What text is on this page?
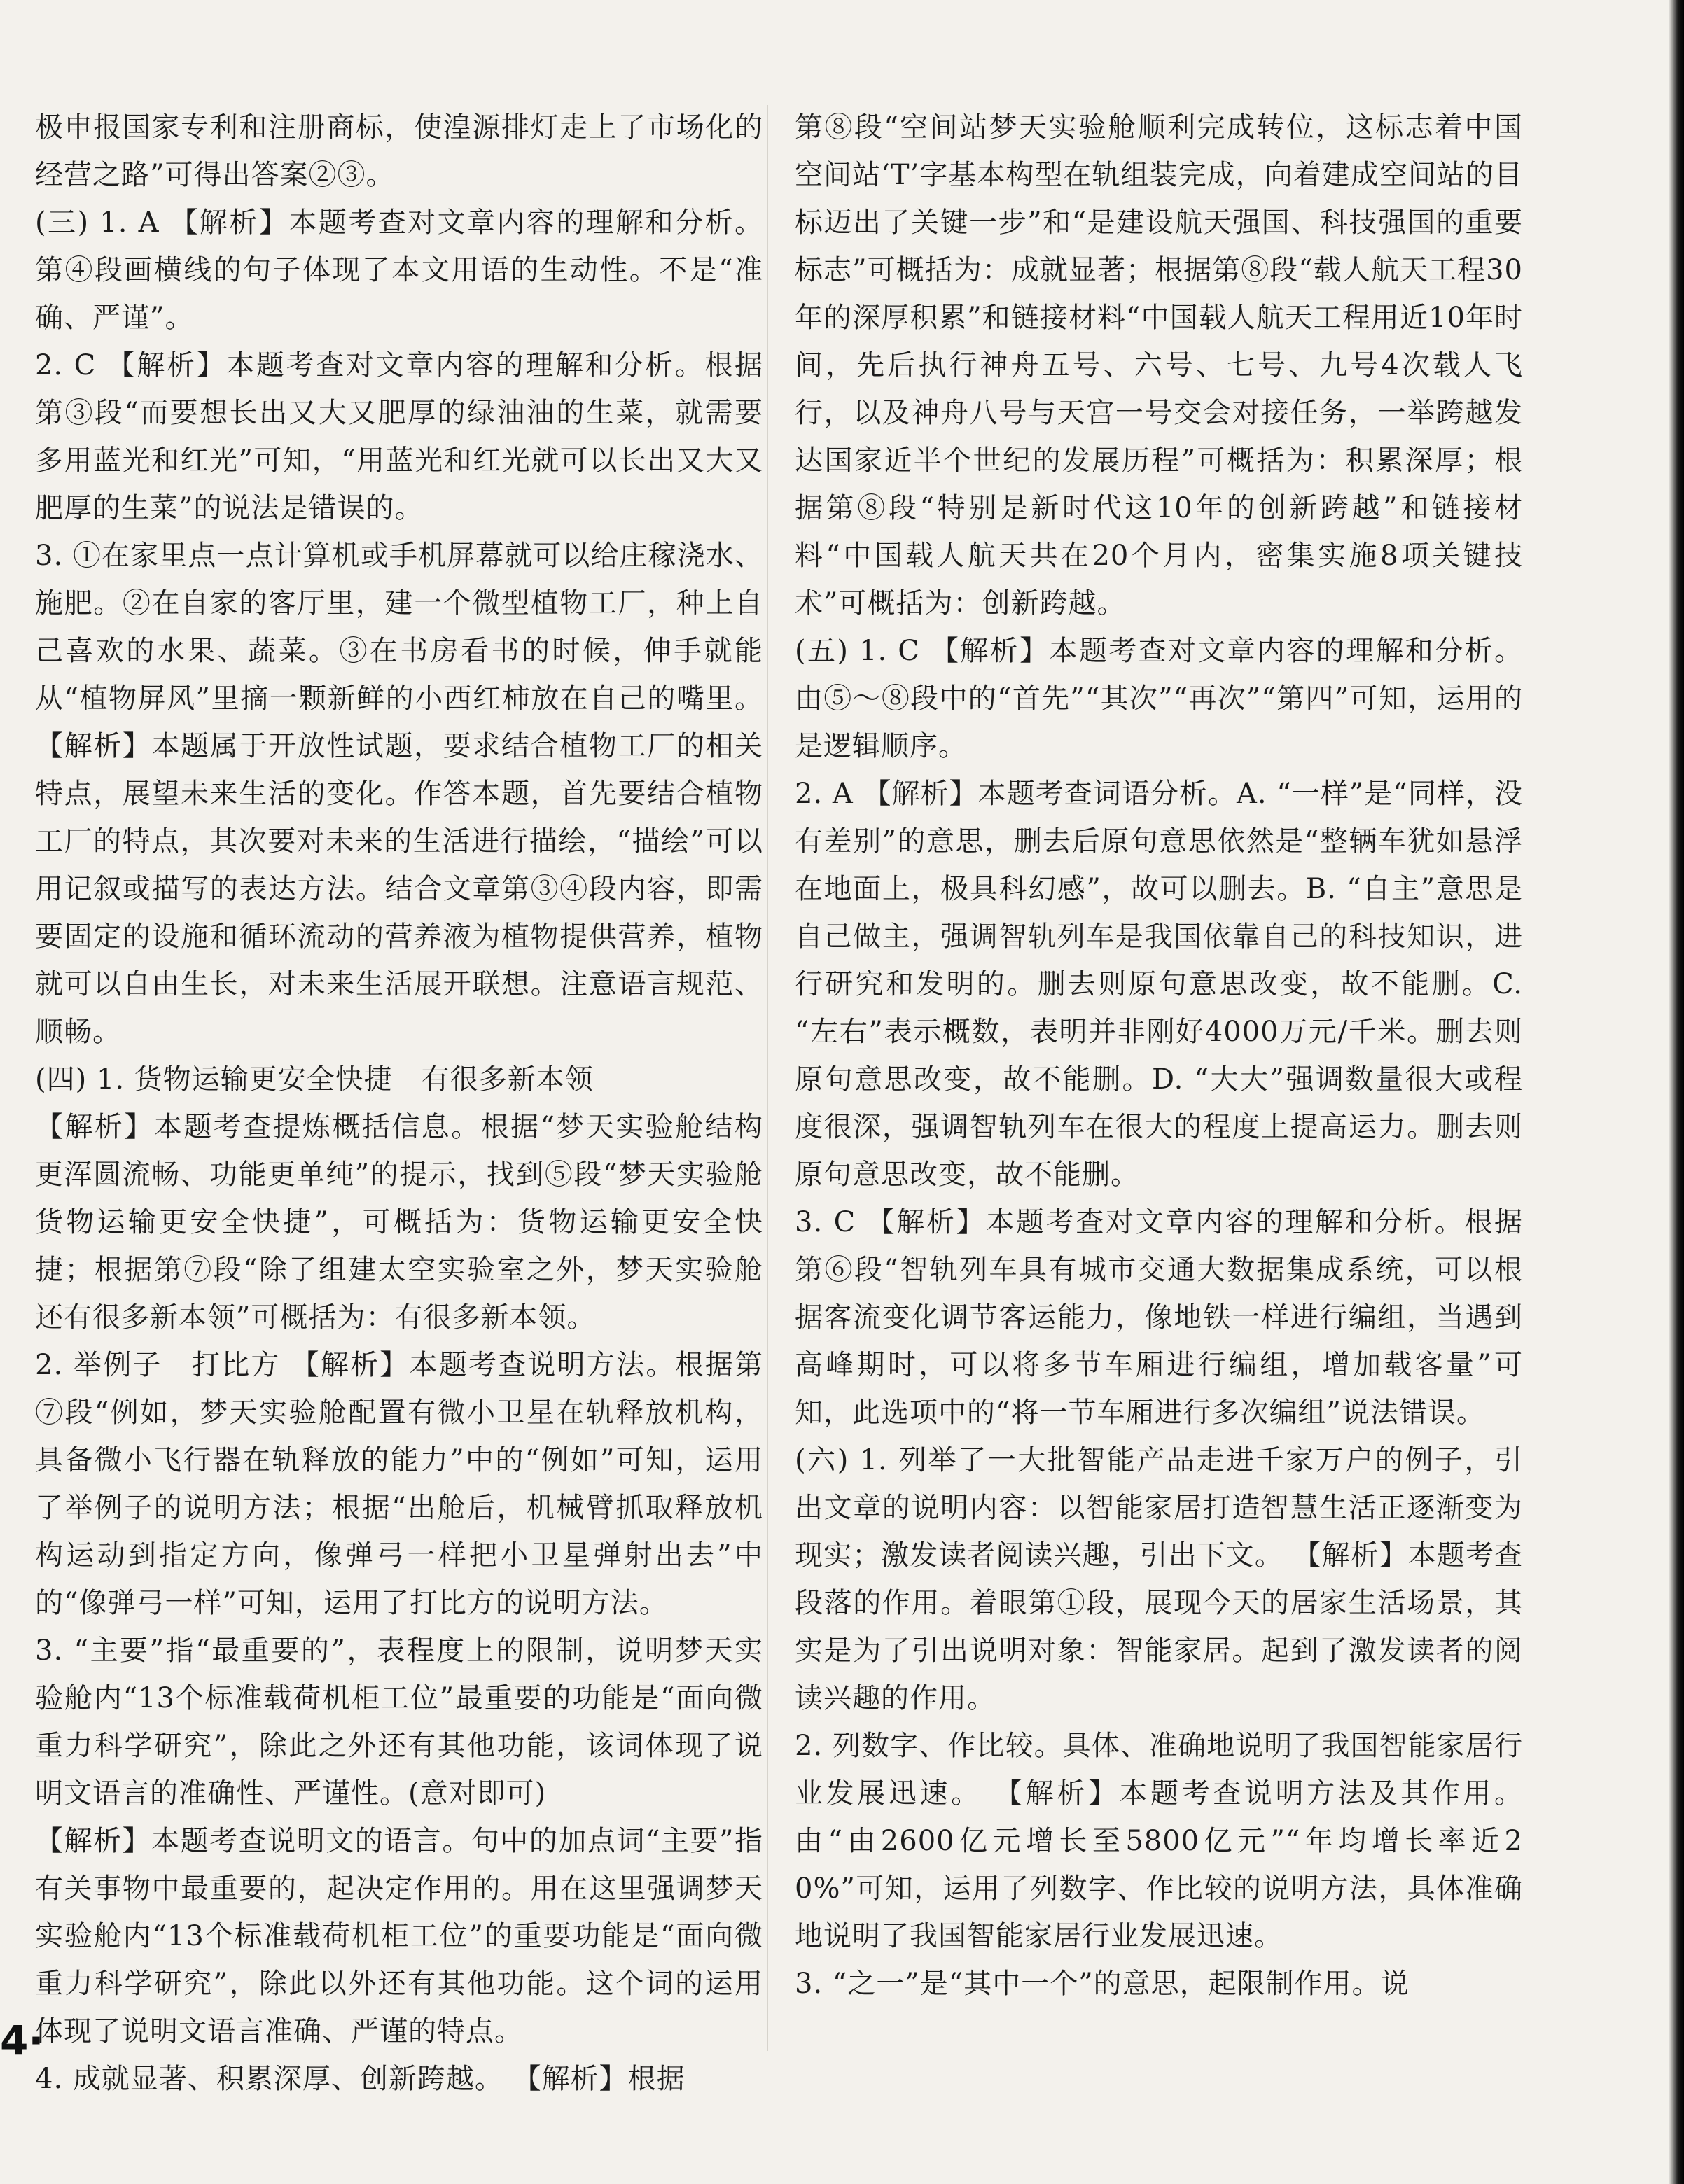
极申报国家专利和注册商标，使湟源排灯走上了市场化的经营之路”可得出答案②③。

(三) 1. A 【解析】本题考查对文章内容的理解和分析。第④段画横线的句子体现了本文用语的生动性。不是“准确、严谨”。

2. C 【解析】本题考查对文章内容的理解和分析。根据第③段“而要想长出又大又肥厚的绿油油的生菜，就需要多用蓝光和红光”可知，“用蓝光和红光就可以长出又大又肥厚的生菜”的说法是错误的。

3. ①在家里点一点计算机或手机屏幕就可以给庄稼浇水、施肥。②在自家的客厅里，建一个微型植物工厂，种上自己喜欢的水果、蔬菜。③在书房看书的时候，伸手就能从“植物屏风”里摘一颗新鲜的小西红柿放在自己的嘴里。 【解析】本题属于开放性试题，要求结合植物工厂的相关特点，展望未来生活的变化。作答本题，首先要结合植物工厂的特点，其次要对未来的生活进行描绘，“描绘”可以用记叙或描写的表达方法。结合文章第③④段内容，即需要固定的设施和循环流动的营养液为植物提供营养，植物就可以自由生长，对未来生活展开联想。注意语言规范、顺畅。

(四) 1. 货物运输更安全快捷　有很多新本领

【解析】本题考查提炼概括信息。根据“梦天实验舱结构更浑圆流畅、功能更单纯”的提示，找到⑤段“梦天实验舱货物运输更安全快捷”，可概括为：货物运输更安全快捷；根据第⑦段“除了组建太空实验室之外，梦天实验舱还有很多新本领”可概括为：有很多新本领。

2. 举例子　打比方 【解析】本题考查说明方法。根据第⑦段“例如，梦天实验舱配置有微小卫星在轨释放机构，具备微小飞行器在轨释放的能力”中的“例如”可知，运用了举例子的说明方法；根据“出舱后，机械臂抓取释放机构运动到指定方向，像弹弓一样把小卫星弹射出去”中的“像弹弓一样”可知，运用了打比方的说明方法。

3. “主要”指“最重要的”，表程度上的限制，说明梦天实验舱内“13个标准载荷机柜工位”最重要的功能是“面向微重力科学研究”，除此之外还有其他功能，该词体现了说明文语言的准确性、严谨性。(意对即可)

【解析】本题考查说明文的语言。句中的加点词“主要”指有关事物中最重要的，起决定作用的。用在这里强调梦天实验舱内“13个标准载荷机柜工位”的重要功能是“面向微重力科学研究”，除此以外还有其他功能。这个词的运用体现了说明文语言准确、严谨的特点。

4. 成就显著、积累深厚、创新跨越。 【解析】根据

第⑧段“空间站梦天实验舱顺利完成转位，这标志着中国空间站‘T’字基本构型在轨组装完成，向着建成空间站的目标迈出了关键一步”和“是建设航天强国、科技强国的重要标志”可概括为：成就显著；根据第⑧段“载人航天工程30年的深厚积累”和链接材料“中国载人航天工程用近10年时间，先后执行神舟五号、六号、七号、九号4次载人飞行，以及神舟八号与天宫一号交会对接任务，一举跨越发达国家近半个世纪的发展历程”可概括为：积累深厚；根据第⑧段“特别是新时代这10年的创新跨越”和链接材料“中国载人航天共在20个月内，密集实施8项关键技术”可概括为：创新跨越。

(五) 1. C 【解析】本题考查对文章内容的理解和分析。由⑤～⑧段中的“首先”“其次”“再次”“第四”可知，运用的是逻辑顺序。

2. A 【解析】本题考查词语分析。A. “一样”是“同样，没有差别”的意思，删去后原句意思依然是“整辆车犹如悬浮在地面上，极具科幻感”，故可以删去。B. “自主”意思是自己做主，强调智轨列车是我国依靠自己的科技知识，进行研究和发明的。删去则原句意思改变，故不能删。C. “左右”表示概数，表明并非刚好4000万元/千米。删去则原句意思改变，故不能删。D. “大大”强调数量很大或程度很深，强调智轨列车在很大的程度上提高运力。删去则原句意思改变，故不能删。

3. C 【解析】本题考查对文章内容的理解和分析。根据第⑥段“智轨列车具有城市交通大数据集成系统，可以根据客流变化调节客运能力，像地铁一样进行编组，当遇到高峰期时，可以将多节车厢进行编组，增加载客量”可知，此选项中的“将一节车厢进行多次编组”说法错误。

(六) 1. 列举了一大批智能产品走进千家万户的例子，引出文章的说明内容：以智能家居打造智慧生活正逐渐变为现实；激发读者阅读兴趣，引出下文。 【解析】本题考查段落的作用。着眼第①段，展现今天的居家生活场景，其实是为了引出说明对象：智能家居。起到了激发读者的阅读兴趣的作用。

2. 列数字、作比较。具体、准确地说明了我国智能家居行业发展迅速。 【解析】本题考查说明方法及其作用。由“由2600亿元增长至5800亿元”“年均增长率近20%”可知，运用了列数字、作比较的说明方法，具体准确地说明了我国智能家居行业发展迅速。

3. “之一”是“其中一个”的意思，起限制作用。说

4·
